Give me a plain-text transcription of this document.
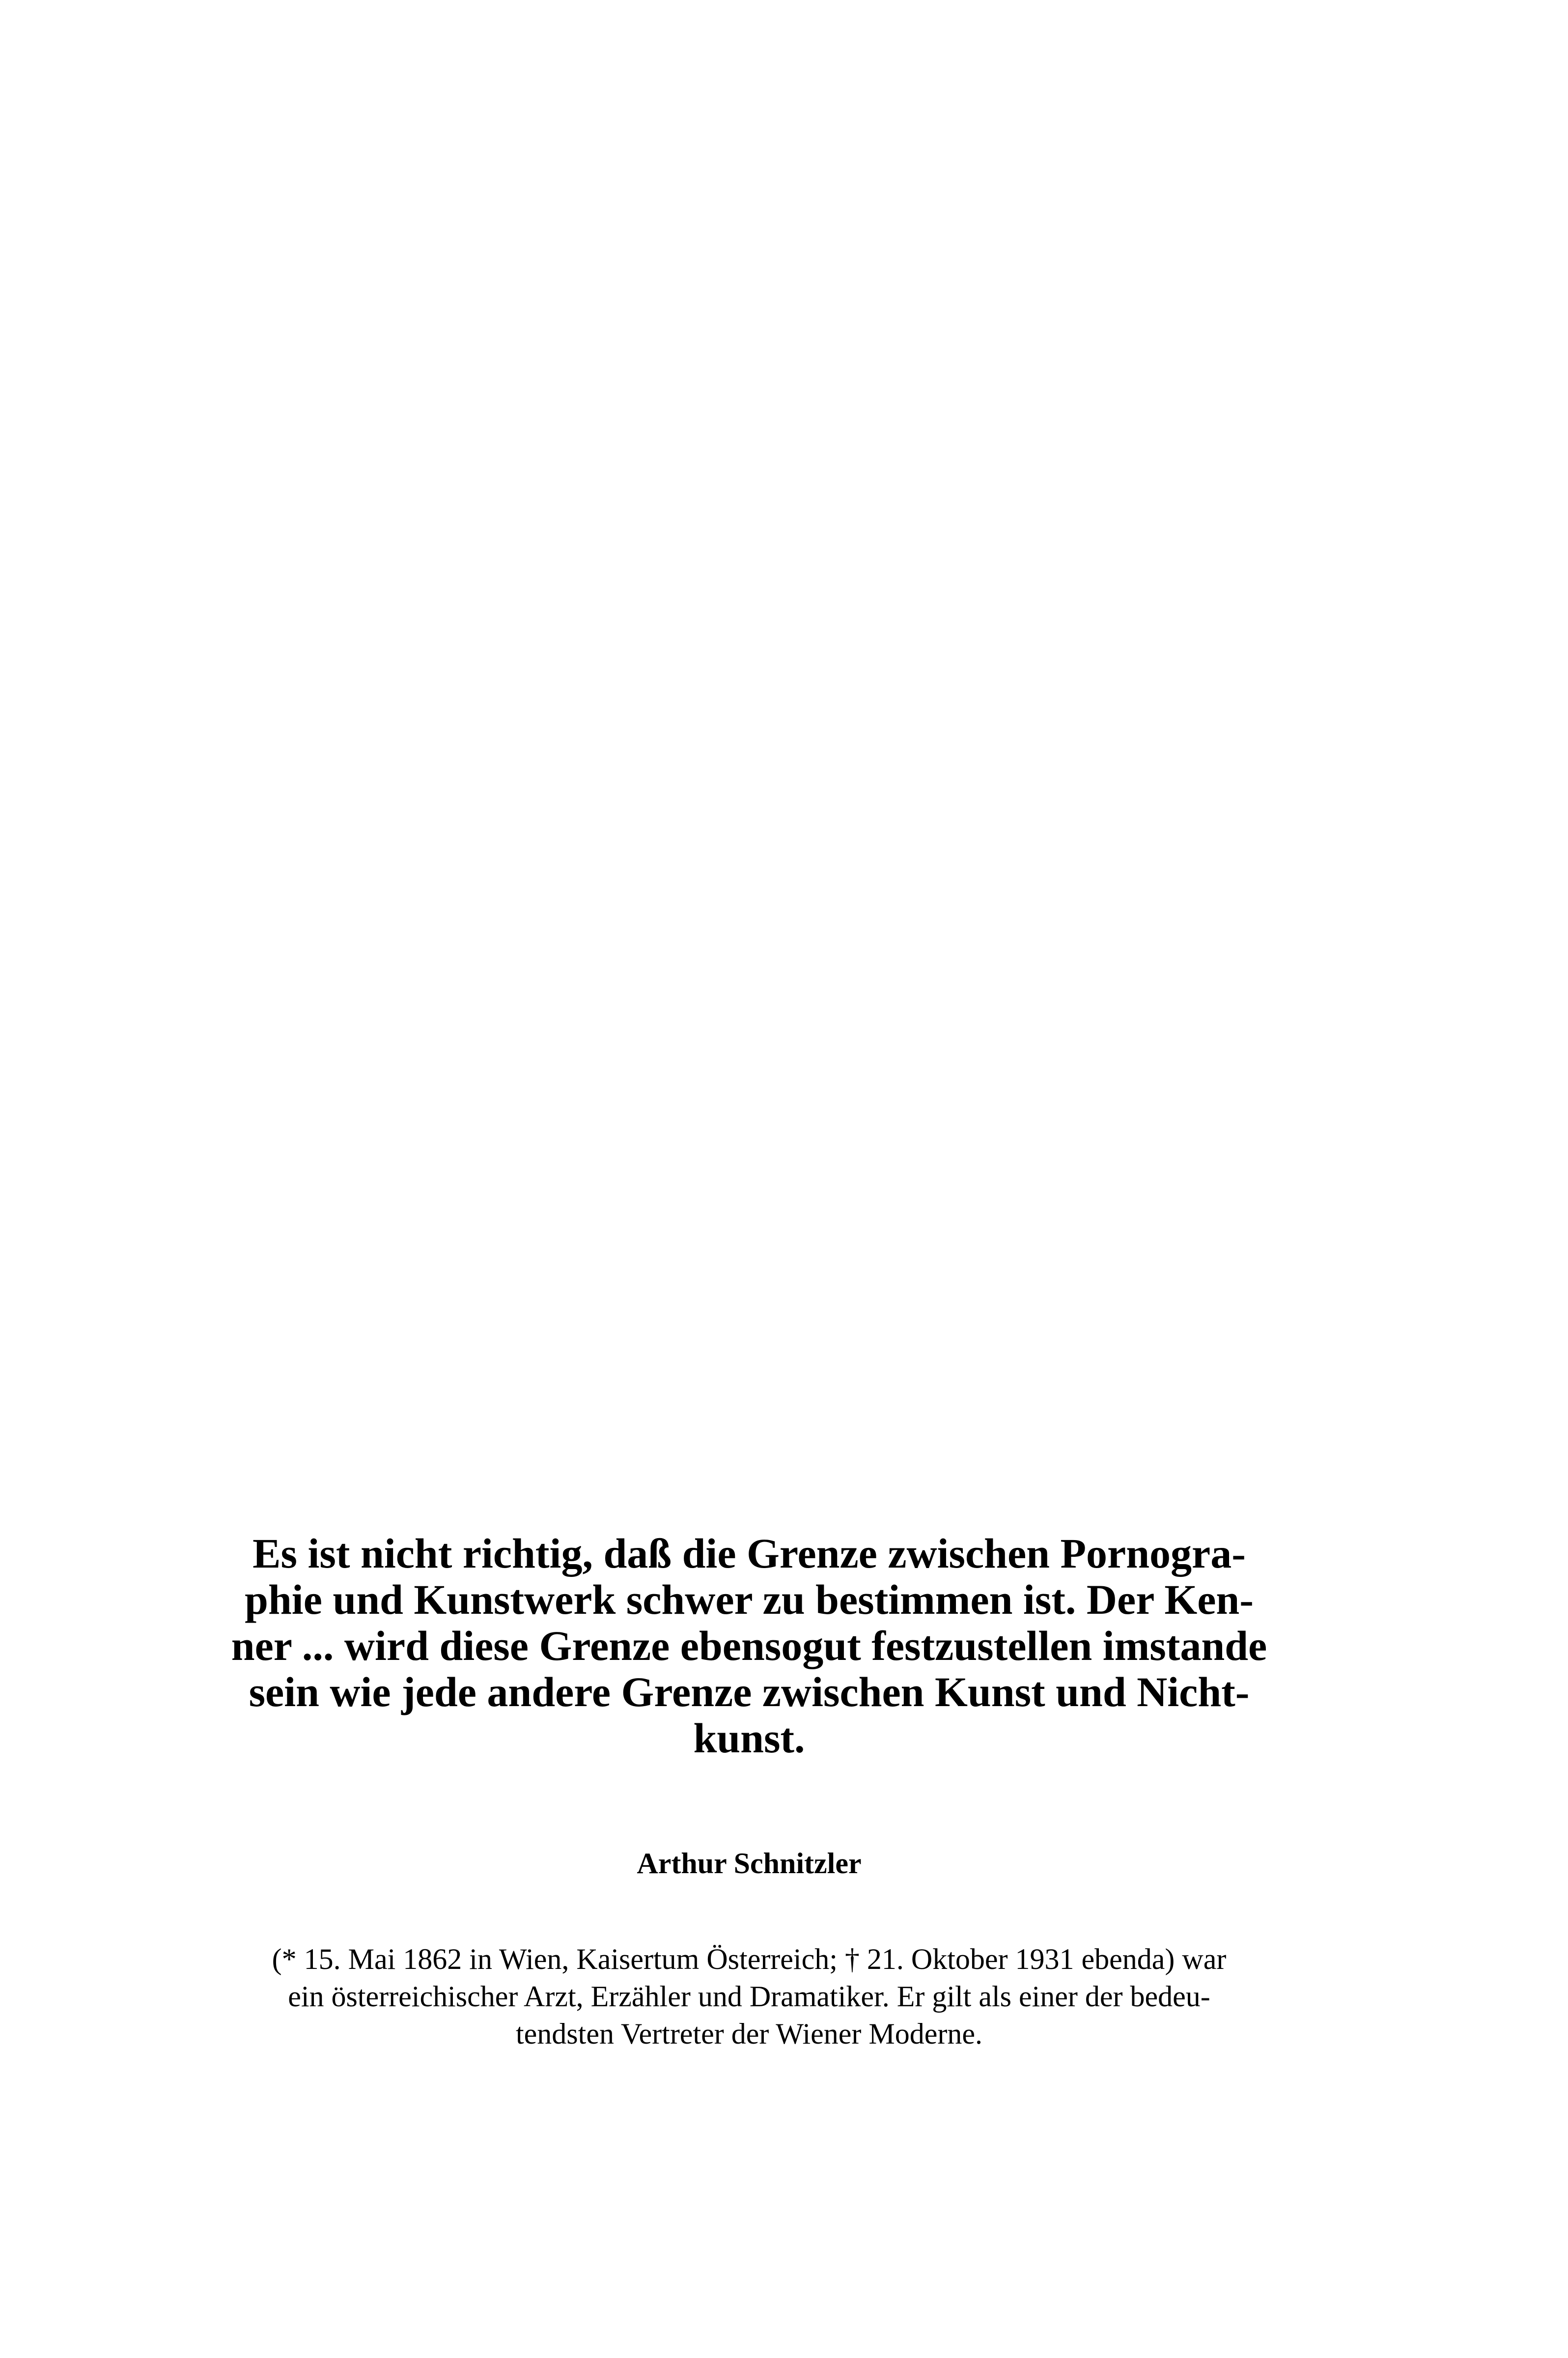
Es ist nicht richtig, daß die Grenze zwischen Pornogra-
phie und Kunstwerk schwer zu bestimmen ist. Der Ken-
ner ... wird diese Grenze ebensogut festzustellen imstande
sein wie jede andere Grenze zwischen Kunst und Nicht-
kunst.
Arthur Schnitzler
(* 15. Mai 1862 in Wien, Kaisertum Österreich; † 21. Oktober 1931 ebenda) war
ein österreichischer Arzt, Erzähler und Dramatiker. Er gilt als einer der bedeu-
tendsten Vertreter der Wiener Moderne.
